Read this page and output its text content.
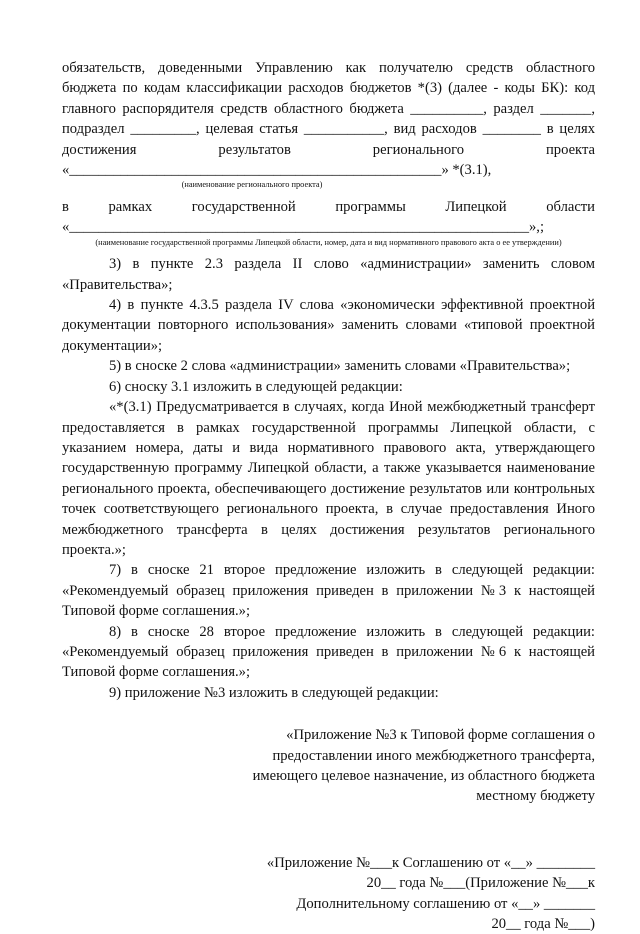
обязательств, доведенными Управлению как получателю средств областного

бюджета по кодам классификации расходов бюджетов *(3) (далее - коды БК): код

главного распорядителя средств областного бюджета __________, раздел _______,

подраздел _________, целевая статья ___________, вид расходов ________ в целях

достижения результатов регионального проекта

«___________________________________________________» *(3.1),

(наименование регионального проекта)

в рамках государственной программы Липецкой области

«_______________________________________________________________»,;

(наименование государственной программы Липецкой области, номер, дата и вид нормативного правового акта о ее утверждении)

3) в пункте 2.3 раздела II слово «администрации» заменить словом «Правительства»;

4) в пункте 4.3.5 раздела IV слова «экономически эффективной проектной документации повторного использования» заменить словами «типовой проектной документации»;

5) в сноске 2 слова «администрации» заменить словами «Правительства»;

6) сноску 3.1 изложить в следующей редакции:

«*(3.1) Предусматривается в случаях, когда Иной межбюджетный трансферт предоставляется в рамках государственной программы Липецкой области, с указанием номера, даты и вида нормативного правового акта, утверждающего государственную программу Липецкой области, а также указывается наименование регионального проекта, обеспечивающего достижение результатов или контрольных точек соответствующего регионального проекта, в случае предоставления Иного межбюджетного трансферта в целях достижения результатов регионального проекта.»;

7) в сноске 21 второе предложение изложить в следующей редакции: «Рекомендуемый образец приложения приведен в приложении №3 к настоящей Типовой форме соглашения.»;

8) в сноске 28 второе предложение изложить в следующей редакции: «Рекомендуемый образец приложения приведен в приложении №6 к настоящей Типовой форме соглашения.»;

9) приложение №3 изложить в следующей редакции:

«Приложение №3 к Типовой форме соглашения о

предоставлении иного межбюджетного трансферта,

имеющего целевое назначение, из областного бюджета

местному бюджету

«Приложение №___к Соглашению от «__» ________

20__ года №___(Приложение №___к

Дополнительному соглашению от «__» _______

20__ года №___)
